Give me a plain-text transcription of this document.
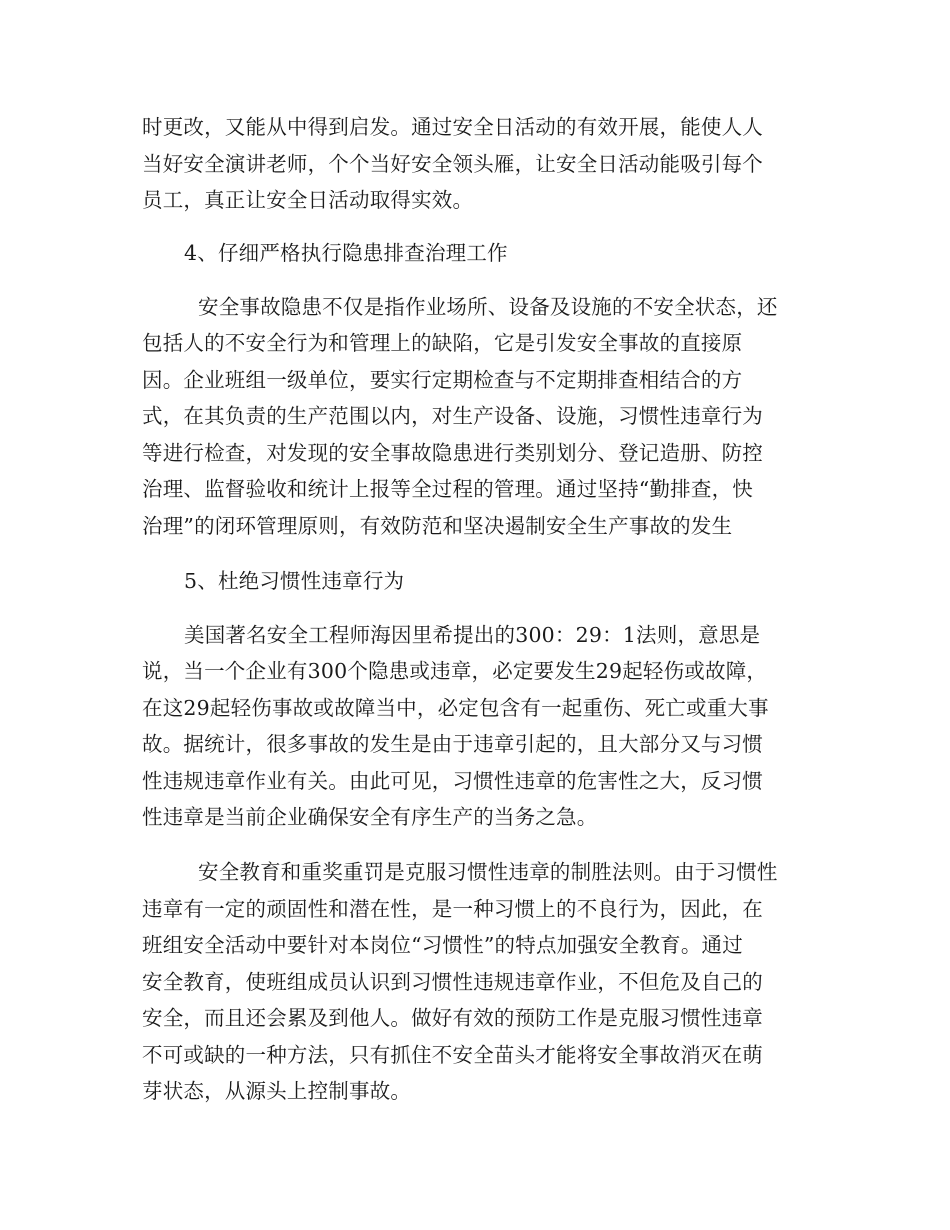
时更改，又能从中得到启发。通过安全日活动的有效开展，能使人人
当好安全演讲老师，个个当好安全领头雁，让安全日活动能吸引每个
员工，真正让安全日活动取得实效。
4、仔细严格执行隐患排查治理工作
安全事故隐患不仅是指作业场所、设备及设施的不安全状态，还
包括人的不安全行为和管理上的缺陷，它是引发安全事故的直接原
因。企业班组一级单位，要实行定期检查与不定期排查相结合的方
式，在其负责的生产范围以内，对生产设备、设施，习惯性违章行为
等进行检查，对发现的安全事故隐患进行类别划分、登记造册、防控
治理、监督验收和统计上报等全过程的管理。通过坚持“勤排查，快
治理”的闭环管理原则，有效防范和坚决遏制安全生产事故的发生
5、杜绝习惯性违章行为
美国著名安全工程师海因里希提出的300：29：1法则，意思是
说，当一个企业有300个隐患或违章，必定要发生29起轻伤或故障，
在这29起轻伤事故或故障当中，必定包含有一起重伤、死亡或重大事
故。据统计，很多事故的发生是由于违章引起的，且大部分又与习惯
性违规违章作业有关。由此可见，习惯性违章的危害性之大，反习惯
性违章是当前企业确保安全有序生产的当务之急。
安全教育和重奖重罚是克服习惯性违章的制胜法则。由于习惯性
违章有一定的顽固性和潜在性，是一种习惯上的不良行为，因此，在
班组安全活动中要针对本岗位“习惯性”的特点加强安全教育。通过
安全教育，使班组成员认识到习惯性违规违章作业，不但危及自己的
安全，而且还会累及到他人。做好有效的预防工作是克服习惯性违章
不可或缺的一种方法，只有抓住不安全苗头才能将安全事故消灭在萌
芽状态，从源头上控制事故。
